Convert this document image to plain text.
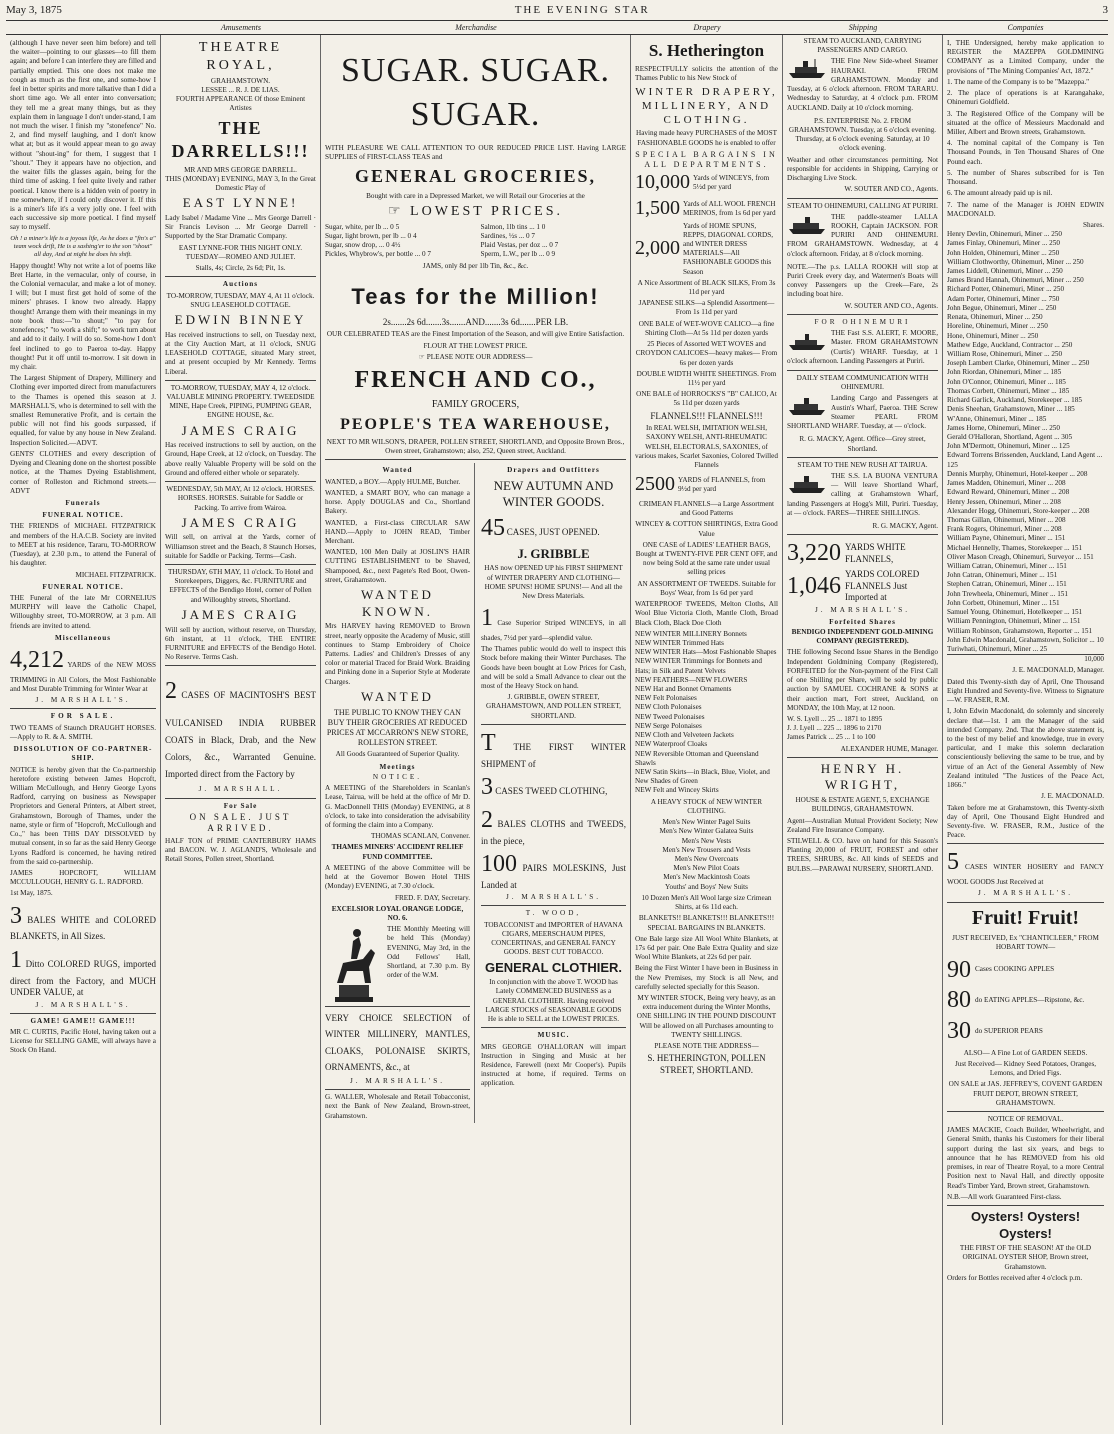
May 3, 1875	THE EVENING STAR	3
Amusements	Merchandise	Drapery	Shipping	Companies

(although I have never seen him before) and tell the waiter—pointing to our glasses—to fill them again; and before I can interfere they are filled and partially emptied. This one does not make me cough as much as the first one, and some-how I feel in better spirits and more talkative than I did a short time ago. We all enter into conversation; they tell me a great many things, but as they explain them in language I don't under-stand, I am not much the wiser. I finish my "stonefence" No. 2, and find myself laughing, and I don't know what at; but as it would appear mean to go away without "shout-ing" for them, I suggest that I "shout." They it appears have no objection, and the waiter fills the glasses again, being for the third time of asking. I feel quite lively and rather poetical. I know there is a hidden vein of poetry in me somewhere, if I could only discover it. If this is a miner's life it's a very jolly one. I feel with each successive sip more poetical. I find myself say to myself.

Oh ! a miner's life is a joyous life, As he does a "fin's a" team wock drift, He is a sashing'er to the son "shout" all day, And at night he does his shift.

Happy thought! Why not write a lot of poems like Bret Harte, in the vernacular, only of course, in the Colonial vernacular, and make a lot of money. I will; but I must first get hold of some of the miners' phrases. I know two already. Happy thought! Arrange them with their meanings in my note book thus:—"to shout;" "to pay for stonefences;" "to work a shift;" to work turn about and add to it daily. I will do so. Some-how I don't feel inclined to go to Paeroa to-day. Happy thought! Put it off until to-morrow. I sit down in my chair.

The Largest Shipment of Drapery, Millinery and Clothing ever imported direct from manufacturers to the Thames is opened this season at J. MARSHALL'S, who is determined to sell with the smallest Remunerative Profit, and is certain the public will not find his goods surpassed, if equalled, for value by any house in New Zealand. Inspection Solicited.—ADVT.

GENTS' CLOTHES and every description of Dyeing and Cleaning done on the shortest possible notice, at the Thames Dyeing Establishment, corner of Rolleston and Richmond streets.—ADVT

Funerals
FUNERAL NOTICE.

THE FRIENDS of MICHAEL FITZPATRICK and members of the H.A.C.B. Society are invited to MEET at his residence, Tararu, TO-MORROW (Tuesday), at 2.30 p.m., to attend the Funeral of his daughter.

MICHAEL FITZPATRICK.

FUNERAL NOTICE.

THE Funeral of the late Mr CORNELIUS MURPHY will leave the Catholic Chapel, Willoughby street, TO-MORROW, at 3 p.m. All friends are invited to attend.

Miscellaneous

4,212 YARDS of the NEW MOSS TRIMMING in All Colors, the Most Fashionable and Most Durable Trimming for Winter Wear at

J. MARSHALL'S.

FOR SALE.

TWO TEAMS of Staunch DRAUGHT HORSES.—Apply to R. & A. SMITH.

DISSOLUTION OF CO-PARTNER-SHIP.

NOTICE is hereby given that the Co-partnership heretofore existing between James Hopcroft, William McCullough, and Henry George Lyons Radford, carrying on business as Newspaper Proprietors and General Printers, at Albert street, Grahamstown, Borough of Thames, under the name, style or firm of "Hopcroft, McCullough and Co.," has been THIS DAY DISSOLVED by mutual consent, in so far as the said Henry George Lyons Radford is concerned, he having retired from the said co-partnership.

JAMES HOPCROFT, WILLIAM MCCULLOUGH, HENRY G. L. RADFORD.

1st May, 1875.

3 BALES WHITE and COLORED BLANKETS, in All Sizes.

1 Ditto COLORED RUGS, imported direct from the Factory, and MUCH UNDER VALUE, at

J. MARSHALL'S.

GAME! GAME!! GAME!!!

MR C. CURTIS, Pacific Hotel, having taken out a License for SELLING GAME, will always have a Stock On Hand.

THEATRE ROYAL,
GRAHAMSTOWN.
LESSEE ... R. J. DE LIAS.
FOURTH APPEARANCE Of those Eminent Artistes
THE DARRELLS!!!
MR AND MRS GEORGE DARRELL.
THIS (MONDAY) EVENING, MAY 3, In the Great Domestic Play of
EAST LYNNE!

Lady Isabel / Madame Vine ... Mrs George Darrell · Sir Francis Levison ... Mr George Darrell · Supported by the Star Dramatic Company.

EAST LYNNE-FOR THIS NIGHT ONLY. TUESDAY—ROMEO AND JULIET.

Stalls, 4s; Circle, 2s 6d; Pit, 1s.

Auctions

TO-MORROW, TUESDAY, MAY 4, At 11 o'clock. SNUG LEASEHOLD COTTAGE.

EDWIN BINNEY

Has received instructions to sell, on Tuesday next, at the City Auction Mart, at 11 o'clock, SNUG LEASEHOLD COTTAGE, situated Mary street, and at present occupied by Mr Kennedy. Terms Liberal.

TO-MORROW, TUESDAY, MAY 4, 12 o'clock. VALUABLE MINING PROPERTY. TWEEDSIDE MINE, Hape Creek, PIPING, PUMPING GEAR, ENGINE HOUSE, &c.

JAMES CRAIG

Has received instructions to sell by auction, on the Ground, Hape Creek, at 12 o'clock, on Tuesday. The above really Valuable Property will be sold on the Ground and offered either whole or separately.

WEDNESDAY, 5th MAY, At 12 o'clock. HORSES. HORSES. HORSES. Suitable for Saddle or Packing. To arrive from Wairoa.

JAMES CRAIG

Will sell, on arrival at the Yards, corner of Williamson street and the Beach, 8 Staunch Horses, suitable for Saddle or Packing. Terms—Cash.

THURSDAY, 6TH MAY, 11 o'clock. To Hotel and Storekeepers, Diggers, &c. FURNITURE and EFFECTS of the Bendigo Hotel, corner of Pollen and Willoughby streets, Shortland.

JAMES CRAIG

Will sell by auction, without reserve, on Thursday, 6th instant, at 11 o'clock, THE ENTIRE FURNITURE and EFFECTS of the Bendigo Hotel. No Reserve. Terms Cash.

2 CASES OF MACINTOSH'S BEST VULCANISED INDIA RUBBER COATS in Black, Drab, and the New Colors, &c., Warranted Genuine. Imported direct from the Factory by

J. MARSHALL.

For Sale
ON SALE. JUST ARRIVED.

HALF TON of PRIME CANTERBURY HAMS and BACON. W. J. AGLAND'S, Wholesale and Retail Stores, Pollen street, Shortland.

SUGAR. SUGAR. SUGAR.

WITH PLEASURE WE CALL ATTENTION TO OUR REDUCED PRICE LIST. Having LARGE SUPPLIES of FIRST-CLASS TEAS and

GENERAL GROCERIES,

Bought with care in a Depressed Market, we will Retail our Groceries at the

☞ LOWEST PRICES.
Sugar, white, per lb ... 0 5
Sugar, light brown, per lb ... 0 4
Sugar, snow drop, ... 0 4½
Pickles, Whybrow's, per bottle ... 0 7
Salmon, 1lb tins ... 1 0
Sardines, ½s ... 0 7
Plaid Vestas, per doz ... 0 7
Sperm, L.W., per lb ... 0 9

JAMS, only 8d per 1lb Tin, &c., &c.

Teas for the Million!

2s.......2s 6d.......3s.......AND.......3s 6d.......PER LB.

OUR CELEBRATED TEAS are the Finest Importation of the Season, and will give Entire Satisfaction.

FLOUR AT THE LOWEST PRICE.

☞ PLEASE NOTE OUR ADDRESS—

FRENCH AND CO.,
FAMILY GROCERS,
PEOPLE'S TEA WAREHOUSE,

NEXT TO MR WILSON'S, DRAPER, POLLEN STREET, SHORTLAND, and Opposite Brown Bros., Owen street, Grahamstown; also, 252, Queen street, Auckland.

Wanted

WANTED, a BOY.—Apply HULME, Butcher.

WANTED, a SMART BOY, who can manage a horse. Apply DOUGLAS and Co., Shortland Bakery.

WANTED, a First-class CIRCULAR SAW HAND.—Apply to JOHN READ, Timber Merchant.

WANTED, 100 Men Daily at JOSLIN'S HAIR CUTTING ESTABLISHMENT to be Shaved, Shampooed, &c., next Pagete's Red Boot, Owen-street, Grahamstown.

WANTED KNOWN.

Mrs HARVEY having REMOVED to Brown street, nearly opposite the Academy of Music, still continues to Stamp Embroidery of Choice Patterns. Ladies' and Children's Dresses of any color or material Traced for Braid Work. Braiding and Pinking done in a Superior Style at Moderate Charges.

WANTED

THE PUBLIC TO KNOW THEY CAN BUY THEIR GROCERIES AT REDUCED PRICES AT MCCARRON'S NEW STORE, ROLLESTON STREET.

All Goods Guaranteed of Superior Quality.

Meetings
NOTICE.

A MEETING of the Shareholders in Scanlan's Lease, Tairua, will be held at the office of Mr D. G. MacDonnell THIS (Monday) EVENING, at 8 o'clock, to take into consideration the advisability of forming the claim into a Company.

THOMAS SCANLAN, Convener.

THAMES MINERS' ACCIDENT RELIEF FUND COMMITTEE.

A MEETING of the above Committee will be held at the Governor Bowen Hotel THIS (Monday) EVENING, at 7.30 o'clock.

FRED. F. DAY, Secretary.

EXCELSIOR LOYAL ORANGE LODGE, NO. 6.

THE Monthly Meeting will be held This (Monday) EVENING, May 3rd, in the Odd Fellows' Hall, Shortland, at 7.30 p.m. By order of the W.M.

VERY CHOICE SELECTION of WINTER MILLINERY, MANTLES, CLOAKS, POLONAISE SKIRTS, ORNAMENTS, &c., at

J. MARSHALL'S.

G. WALLER, Wholesale and Retail Tobacconist, next the Bank of New Zealand, Brown-street, Grahamstown.

Drapers and Outfitters
NEW AUTUMN AND WINTER GOODS.

45 CASES, JUST OPENED.

J. GRIBBLE

HAS now OPENED UP his FIRST SHIPMENT of WINTER DRAPERY AND CLOTHING— HOME SPUNS! HOME SPUNS!— And all the New Dress Materials.

1 Case Superior Striped WINCEYS, in all shades, 7½d per yard—splendid value.

The Thames public would do well to inspect this Stock before making their Winter Purchases. The Goods have been bought at Low Prices for Cash, and will be sold a Small Advance to clear out the most of the Heavy Stock on hand.

J. GRIBBLE, OWEN STREET, GRAHAMSTOWN, AND POLLEN STREET, SHORTLAND.

T THE FIRST WINTER SHIPMENT of

3 CASES TWEED CLOTHING,

2 BALES CLOTHS and TWEEDS, in the piece,

100 PAIRS MOLESKINS, Just Landed at

J. MARSHALL'S.

T. WOOD,

TOBACCONIST and IMPORTER of HAVANA CIGARS, MEERSCHAUM PIPES, CONCERTINAS, and GENERAL FANCY GOODS. BEST CUT TOBACCO.

GENERAL CLOTHIER.

In conjunction with the above T. WOOD has Lately COMMENCED BUSINESS as a GENERAL CLOTHIER. Having received LARGE STOCKS of SEASONABLE GOODS He is able to SELL at the LOWEST PRICES.

MUSIC.

MRS GEORGE O'HALLORAN will impart Instruction in Singing and Music at her Residence, Farewell (next Mr Cooper's). Pupils instructed at home, if required. Terms on application.

S. Hetherington

RESPECTFULLY solicits the attention of the Thames Public to his New Stock of

WINTER DRAPERY, MILLINERY, AND CLOTHING.

Having made heavy PURCHASES of the MOST FASHIONABLE GOODS he is enabled to offer

SPECIAL BARGAINS IN ALL DEPARTMENTS.
10,000 Yards of WINCEYS, from 5½d per yard
1,500 Yards of ALL WOOL FRENCH MERINOS, from 1s 6d per yard
2,000
Yards of HOME SPUNS, REPPS, DIAGONAL CORDS, and WINTER DRESS MATERIALS—All FASHIONABLE GOODS this Season

A Nice Assortment of BLACK SILKS, From 3s 11d per yard

JAPANESE SILKS—a Splendid Assortment— From 1s 11d per yard

ONE BALE of WET-WOVE CALICO—a fine Shirting Cloth—At 5s 11d per dozen yards

25 Pieces of Assorted WET WOVES and CROYDON CALICOES—heavy makes— From 6s per dozen yards

DOUBLE WIDTH WHITE SHEETINGS. From 11½ per yard

ONE BALE of HORROCKS'S "B" CALICO, At 5s 11d per dozen yards

FLANNELS!!! FLANNELS!!!

In REAL WELSH, IMITATION WELSH, SAXONY WELSH, ANTI-RHEUMATIC WELSH, ELECTORALS, SAXONIES, of various makes, Scarlet Saxonies, Colored Twilled Flannels

2500 YARDS of FLANNELS, from 9½d per yard

CRIMEAN FLANNELS—a Large Assortment and Good Patterns

WINCEY & COTTON SHIRTINGS, Extra Good Value

ONE CASE of LADIES' LEATHER BAGS, Bought at TWENTY-FIVE PER CENT OFF, and now being Sold at the same rate under usual selling prices

AN ASSORTMENT OF TWEEDS. Suitable for Boys' Wear, from 1s 6d per yard

WATERPROOF TWEEDS, Melton Cloths, All Wool Blue Victoria Cloth, Mantle Cloth, Broad Black Cloth, Black Doe Cloth

NEW WINTER MILLINERY Bonnets
NEW WINTER Trimmed Hats
NEW WINTER Hats—Most Fashionable Shapes
NEW WINTER Trimmings for Bonnets and Hats; in Silk and Patent Velvets
NEW FEATHERS—NEW FLOWERS
NEW Hat and Bonnet Ornaments
NEW Felt Polonaises
NEW Cloth Polonaises
NEW Tweed Polonaises
NEW Serge Polonaises
NEW Cloth and Velveteen Jackets
NEW Waterproof Cloaks
NEW Reversible Ottoman and Queensland Shawls
NEW Satin Skirts—in Black, Blue, Violet, and New Shades of Green
NEW Felt and Wincey Skirts

A HEAVY STOCK of NEW WINTER CLOTHING.

Men's New Winter Pagel Suits
Men's New Winter Galatea Suits
Men's New Vests
Men's New Trousers and Vests
Men's New Overcoats
Men's New Pilot Coats
Men's New Mackintosh Coats
Youths' and Boys' New Suits

10 Dozen Men's All Wool large size Crimean Shirts, at 6s 11d each.

BLANKETS!! BLANKETS!!! BLANKETS!!!
SPECIAL BARGAINS IN BLANKETS.

One Bale large size All Wool White Blankets, at 17s 6d per pair. One Bale Extra Quality and size Wool White Blankets, at 22s 6d per pair.

Being the First Winter I have been in Business in the New Premises, my Stock is all New, and carefully selected specially for this Season.

MY WINTER STOCK, Being very heavy, as an extra inducement during the Winter Months, ONE SHILLING IN THE POUND DISCOUNT Will be allowed on all Purchases amounting to TWENTY SHILLINGS.

PLEASE NOTE THE ADDRESS—

S. HETHERINGTON, POLLEN STREET, SHORTLAND.

STEAM TO AUCKLAND, CARRYING PASSENGERS AND CARGO.

THE Fine New Side-wheel Steamer HAURAKI. FROM GRAHAMSTOWN. Monday and Tuesday, at 6 o'clock afternoon. FROM TARARU. Wednesday to Saturday, at 4 o'clock p.m. FROM AUCKLAND. Daily at 10 o'clock morning.

P.S. ENTERPRISE No. 2. FROM GRAHAMSTOWN. Tuesday, at 6 o'clock evening. Thursday, at 6 o'clock evening. Saturday, at 10 o'clock evening.

Weather and other circumstances permitting. Not responsible for accidents in Shipping, Carrying or Discharging Live Stock.

W. SOUTER AND CO., Agents.

STEAM TO OHINEMURI, CALLING AT PURIRI.

THE paddle-steamer LALLA ROOKH, Captain JACKSON. FOR PURIRI AND OHINEMURI. FROM GRAHAMSTOWN. Wednesday, at 4 o'clock afternoon. Friday, at 8 o'clock morning.

NOTE.—The p.s. LALLA ROOKH will stop at Puriri Creek every day, and Watermen's Boats will convey Passengers up the Creek—Fare, 2s including boat hire.

W. SOUTER AND CO., Agents.

FOR OHINEMURI

THE Fast S.S. ALERT, F. MOORE, Master. FROM GRAHAMSTOWN (Curtis') WHARF. Tuesday, at 1 o'clock afternoon. Landing Passengers at Puriri.

DAILY STEAM COMMUNICATION WITH OHINEMURI.

Landing Cargo and Passengers at Austin's Wharf, Paeroa. THE Screw Steamer PEARL FROM SHORTLAND WHARF. Tuesday, at — o'clock.

R. G. MACKY, Agent. Office—Grey street, Shortland.

STEAM TO THE NEW RUSH AT TAIRUA.

THE S.S. LA BUONA VENTURA— Will leave Shortland Wharf, calling at Grahamstown Wharf, landing Passengers at Hogg's Mill, Puriri. Tuesday, at — o'clock. FARES—THREE SHILLINGS.

R. G. MACKY, Agent.

3,220 YARDS WHITE FLANNELS,
1,046 YARDS COLORED FLANNELS Just Imported at

J. MARSHALL'S.

Forfeited Shares
BENDIGO INDEPENDENT GOLD-MINING COMPANY (REGISTERED).

THE following Second Issue Shares in the Bendigo Independent Goldmining Company (Registered), FORFEITED for the Non-payment of the First Call of one Shilling per Share, will be sold by public auction by SAMUEL COCHRANE & SONS at their auction mart, Fort street, Auckland, on MONDAY, the 10th May, at 12 noon.

W. S. Lyell ... 25 ... 1871 to 1895
J. J. Lyell ... 225 ... 1896 to 2170
James Patrick ... 25 ... 1 to 100

ALEXANDER HUME, Manager.

HENRY H. WRIGHT,

HOUSE & ESTATE AGENT, 5, EXCHANGE BUILDINGS, GRAHAMSTOWN.

Agent—Australian Mutual Provident Society; New Zealand Fire Insurance Company.

STILWELL & CO. have on hand for this Season's Planting 20,000 of FRUIT, FOREST and other TREES, SHRUBS, &c. All kinds of SEEDS and BULBS.—PARAWAI NURSERY, SHORTLAND.

I, THE Undersigned, hereby make application to REGISTER the MAZEPPA GOLDMINING COMPANY as a Limited Company, under the provisions of "The Mining Companies' Act, 1872."

1. The name of the Company is to be "Mazeppa."

2. The place of operations is at Karangahake, Ohinemuri Goldfield.

3. The Registered Office of the Company will be situated at the office of Messieurs Macdonald and Miller, Albert and Brown streets, Grahamstown.

4. The nominal capital of the Company is Ten Thousand Pounds, in Ten Thousand Shares of One Pound each.

5. The number of Shares subscribed for is Ten Thousand.

6. The amount already paid up is nil.

7. The name of the Manager is JOHN EDWIN MACDONALD.

Shares.
Henry Devlin, Ohinemuri, Miner ... 250
James Finlay, Ohinemuri, Miner ... 250
John Holden, Ohinemuri, Miner ... 250
William Clothworthy, Ohinemuri, Miner ... 250
James Liddell, Ohinemuri, Miner ... 250
James Brand Hannah, Ohinemuri, Miner ... 250
Richard Potter, Ohinemuri, Miner ... 250
Adam Porter, Ohinemuri, Miner ... 750
John Begue, Ohinemuri, Miner ... 250
Renata, Ohinemuri, Miner ... 250
Horeline, Ohinemuri, Miner ... 250
Hone, Ohinemuri, Miner ... 250
Mathew Edge, Auckland, Contractor ... 250
William Rose, Ohinemuri, Miner ... 250
Joseph Lambert Clarke, Ohinemuri, Miner ... 250
John Riordan, Ohinemuri, Miner ... 185
John O'Connor, Ohinemuri, Miner ... 185
Thomas Corbett, Ohinemuri, Miner ... 185
Richard Garlick, Auckland, Storekeeper ... 185
Denis Sheehan, Grahamstown, Miner ... 185
W'Anne, Ohinemuri, Miner ... 185
James Horne, Ohinemuri, Miner ... 250
Gerald O'Halloran, Shortland, Agent ... 305
John M'Dermott, Ohinemuri, Miner ... 125
Edward Torrens Brissenden, Auckland, Land Agent ... 125
Dennis Murphy, Ohinemuri, Hotel-keeper ... 208
James Madden, Ohinemuri, Miner ... 208
Edward Reward, Ohinemuri, Miner ... 208
Henry Jessen, Ohinemuri, Miner ... 208
Alexander Hogg, Ohinemuri, Store-keeper ... 208
Thomas Gillan, Ohinemuri, Miner ... 208
Frank Rogers, Ohinemuri, Miner ... 208
William Payne, Ohinemuri, Miner ... 151
Michael Hennelly, Thames, Storekeeper ... 151
Oliver Mason Creagh, Ohinemuri, Surveyor ... 151
William Catran, Ohinemuri, Miner ... 151
John Catran, Ohinemuri, Miner ... 151
Stephen Catran, Ohinemuri, Miner ... 151
John Trewheela, Ohinemuri, Miner ... 151
John Corbett, Ohinemuri, Miner ... 151
Samuel Young, Ohinemuri, Hotelkeeper ... 151
William Pennington, Ohinemuri, Miner ... 151
William Robinson, Grahamstown, Reporter ... 151
John Edwin Macdonald, Grahamstown, Solicitor ... 10
Turiwhati, Ohinemuri, Miner ... 25
10,000

J. E. MACDONALD, Manager.

Dated this Twenty-sixth day of April, One Thousand Eight Hundred and Seventy-five. Witness to Signature—W. FRASER, R.M.

I, John Edwin Macdonald, do solemnly and sincerely declare that—1st. I am the Manager of the said intended Company. 2nd. That the above statement is, to the best of my belief and knowledge, true in every particular, and I make this solemn declaration conscientiously believing the same to be true, and by virtue of an Act of the General Assembly of New Zealand intituled "The Justices of the Peace Act, 1866."

J. E. MACDONALD.

Taken before me at Grahamstown, this Twenty-sixth day of April, One Thousand Eight Hundred and Seventy-five. W. FRASER, R.M., Justice of the Peace.

5 CASES WINTER HOSIERY and FANCY WOOL GOODS Just Received at

J. MARSHALL'S.

Fruit! Fruit!

JUST RECEIVED, Ex "CHANTICLEER," FROM HOBART TOWN—

90 Cases COOKING APPLES
80 do EATING APPLES—Ripstone, &c.
30 do SUPERIOR PEARS

ALSO— A Fine Lot of GARDEN SEEDS.

Just Received— Kidney Seed Potatoes, Oranges, Lemons, and Dried Figs.

ON SALE at JAS. JEFFREY'S, COVENT GARDEN FRUIT DEPOT, BROWN STREET, GRAHAMSTOWN.

NOTICE OF REMOVAL.

JAMES MACKIE, Coach Builder, Wheelwright, and General Smith, thanks his Customers for their liberal support during the last six years, and begs to announce that he has REMOVED from his old premises, in rear of Theatre Royal, to a more Central Position next to Naval Hall, and directly opposite Read's Timber Yard, Brown street, Grahamstown.

N.B.—All work Guaranteed First-class.

Oysters! Oysters! Oysters!

THE FIRST OF THE SEASON! AT the OLD ORIGINAL OYSTER SHOP, Brown street, Grahamstown.

Orders for Bottles received after 4 o'clock p.m.
